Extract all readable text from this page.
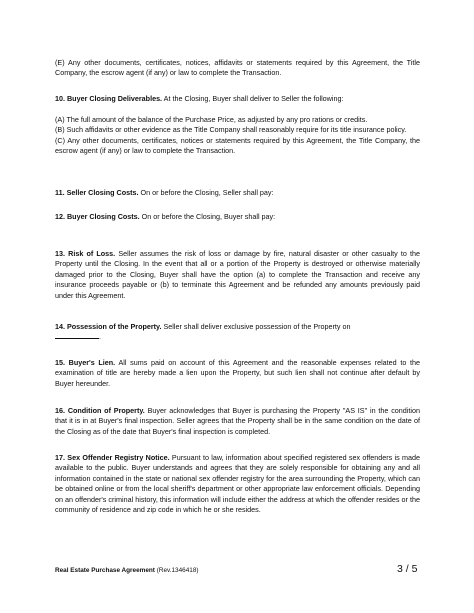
(E) Any other documents, certificates, notices, affidavits or statements required by this Agreement, the Title Company, the escrow agent (if any) or law to complete the Transaction.

10. Buyer Closing Deliverables. At the Closing, Buyer shall deliver to Seller the following:

(A) The full amount of the balance of the Purchase Price, as adjusted by any pro rations or credits.

(B) Such affidavits or other evidence as the Title Company shall reasonably require for its title insurance policy.

(C) Any other documents, certificates, notices or statements required by this Agreement, the Title Company, the escrow agent (if any) or law to complete the Transaction.

11. Seller Closing Costs. On or before the Closing, Seller shall pay:

12. Buyer Closing Costs. On or before the Closing, Buyer shall pay:

13. Risk of Loss. Seller assumes the risk of loss or damage by fire, natural disaster or other casualty to the Property until the Closing. In the event that all or a portion of the Property is destroyed or otherwise materially damaged prior to the Closing, Buyer shall have the option (a) to complete the Transaction and receive any insurance proceeds payable or (b) to terminate this Agreement and be refunded any amounts previously paid under this Agreement.

14. Possession of the Property. Seller shall deliver exclusive possession of the Property on
.

15. Buyer's Lien. All sums paid on account of this Agreement and the reasonable expenses related to the examination of title are hereby made a lien upon the Property, but such lien shall not continue after default by Buyer hereunder.

16. Condition of Property. Buyer acknowledges that Buyer is purchasing the Property "AS IS" in the condition that it is in at Buyer's final inspection. Seller agrees that the Property shall be in the same condition on the date of the Closing as of the date that Buyer's final inspection is completed.

17. Sex Offender Registry Notice. Pursuant to law, information about specified registered sex offenders is made available to the public. Buyer understands and agrees that they are solely responsible for obtaining any and all information contained in the state or national sex offender registry for the area surrounding the Property, which can be obtained online or from the local sheriff's department or other appropriate law enforcement officials. Depending on an offender's criminal history, this information will include either the address at which the offender resides or the community of residence and zip code in which he or she resides.

Real Estate Purchase Agreement (Rev.1346418)	3 / 5
